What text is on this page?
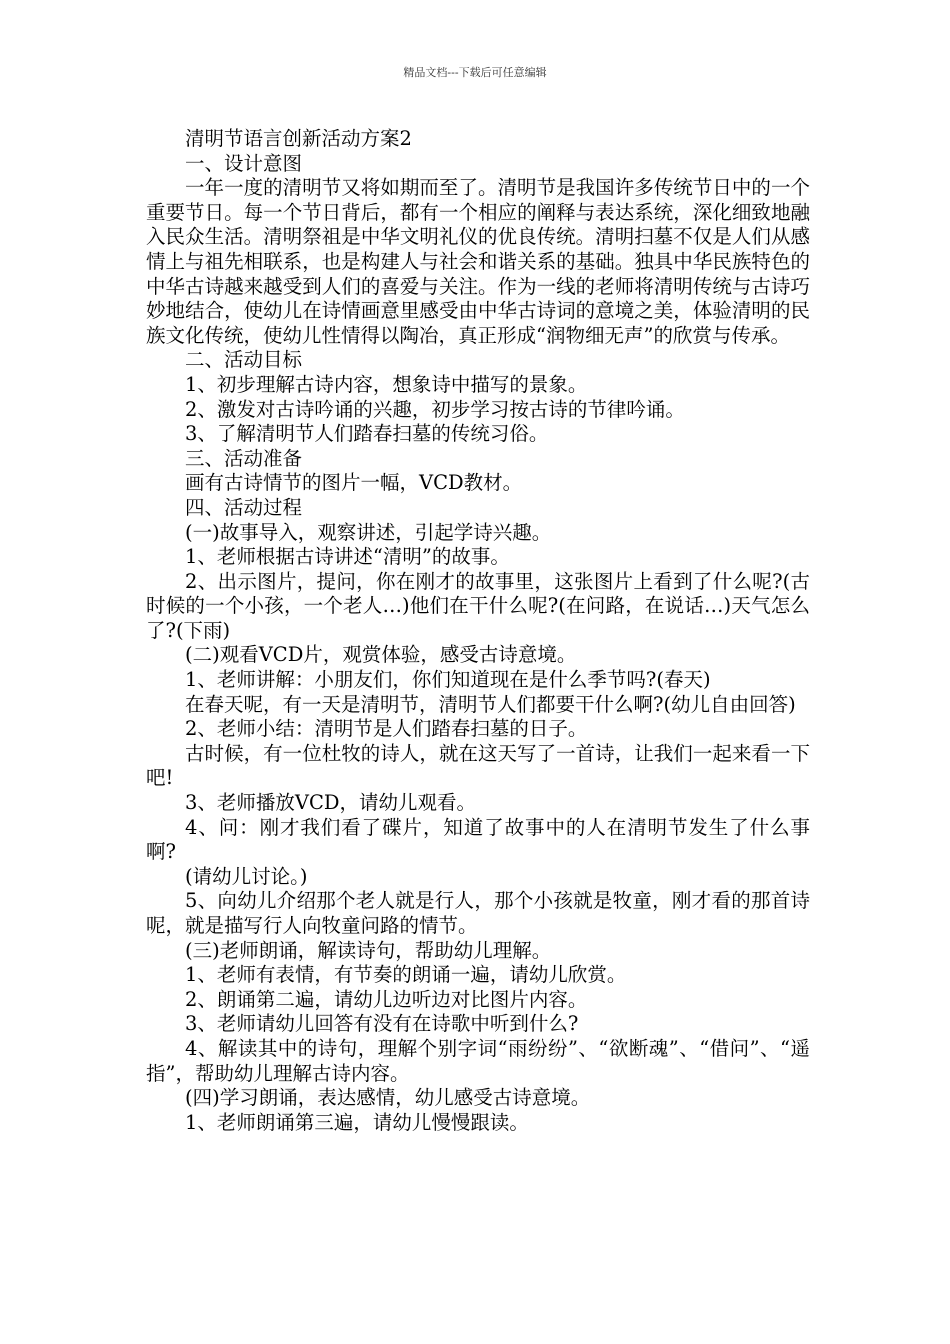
精品文档---下载后可任意编辑

清明节语言创新活动方案2

一、设计意图

一年一度的清明节又将如期而至了。清明节是我国许多传统节日中的一个重要节日。每一个节日背后，都有一个相应的阐释与表达系统，深化细致地融入民众生活。清明祭祖是中华文明礼仪的优良传统。清明扫墓不仅是人们从感情上与祖先相联系，也是构建人与社会和谐关系的基础。独具中华民族特色的中华古诗越来越受到人们的喜爱与关注。作为一线的老师将清明传统与古诗巧妙地结合，使幼儿在诗情画意里感受由中华古诗词的意境之美，体验清明的民族文化传统，使幼儿性情得以陶冶，真正形成“润物细无声”的欣赏与传承。

二、活动目标

1、初步理解古诗内容，想象诗中描写的景象。

2、激发对古诗吟诵的兴趣，初步学习按古诗的节律吟诵。

3、了解清明节人们踏春扫墓的传统习俗。

三、活动准备

画有古诗情节的图片一幅，VCD教材。

四、活动过程

(一)故事导入，观察讲述，引起学诗兴趣。

1、老师根据古诗讲述“清明”的故事。

2、出示图片，提问，你在刚才的故事里，这张图片上看到了什么呢?(古时候的一个小孩，一个老人…)他们在干什么呢?(在问路，在说话…)天气怎么了?(下雨)

(二)观看VCD片，观赏体验，感受古诗意境。

1、老师讲解：小朋友们，你们知道现在是什么季节吗?(春天)

在春天呢，有一天是清明节，清明节人们都要干什么啊?(幼儿自由回答)

2、老师小结：清明节是人们踏春扫墓的日子。

古时候，有一位杜牧的诗人，就在这天写了一首诗，让我们一起来看一下吧!

3、老师播放VCD，请幼儿观看。

4、问：刚才我们看了碟片，知道了故事中的人在清明节发生了什么事啊?

(请幼儿讨论。)

5、向幼儿介绍那个老人就是行人，那个小孩就是牧童，刚才看的那首诗呢，就是描写行人向牧童问路的情节。

(三)老师朗诵，解读诗句，帮助幼儿理解。

1、老师有表情，有节奏的朗诵一遍，请幼儿欣赏。

2、朗诵第二遍，请幼儿边听边对比图片内容。

3、老师请幼儿回答有没有在诗歌中听到什么?

4、解读其中的诗句，理解个别字词“雨纷纷”、“欲断魂”、“借问”、“遥指”，帮助幼儿理解古诗内容。

(四)学习朗诵，表达感情，幼儿感受古诗意境。

1、老师朗诵第三遍，请幼儿慢慢跟读。
